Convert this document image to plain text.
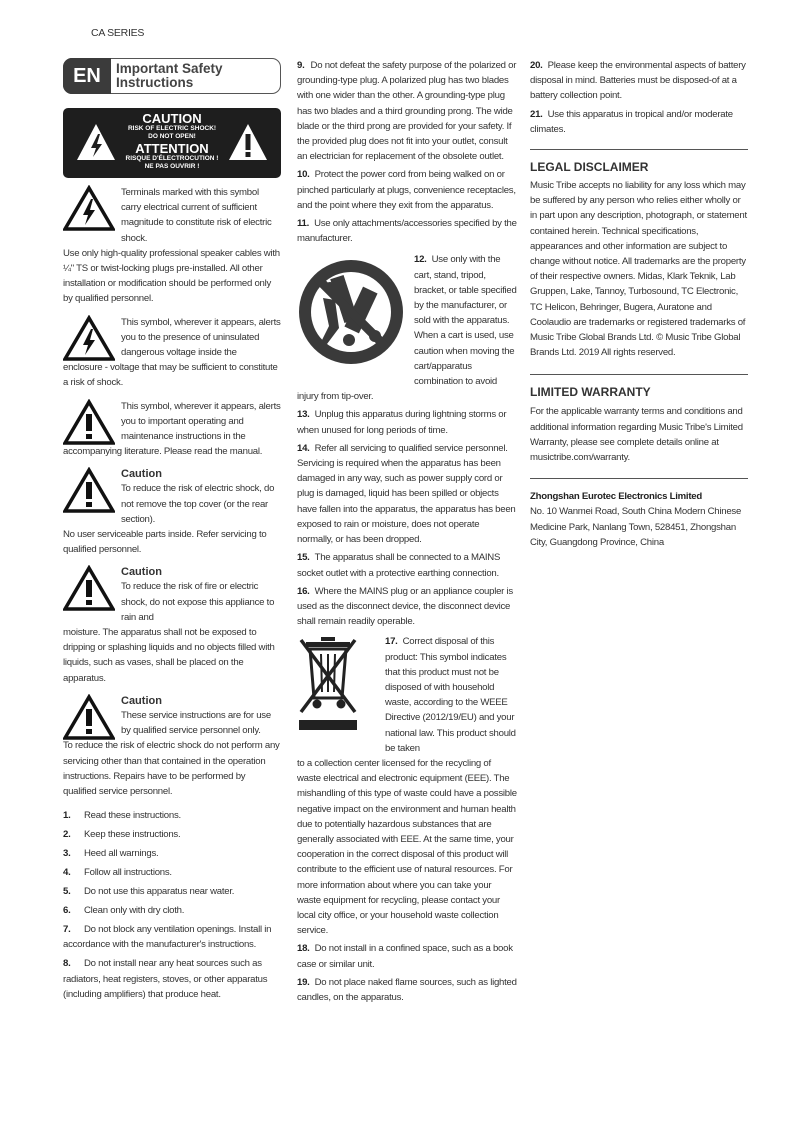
CA SERIES
EN	Important Safety
Instructions
CAUTION
RISK OF ELECTRIC SHOCK!
DO NOT OPEN!
ATTENTION
RISQUE D'ÉLECTROCUTION !
NE PAS OUVRIR !
Terminals marked with this symbol carry electrical current of sufficient magnitude to constitute risk of electric shock.
Use only high-quality professional speaker cables with ¼" TS or twist-locking plugs pre-installed. All other installation or modification should be performed only by qualified personnel.
This symbol, wherever it appears, alerts you to the presence of uninsulated dangerous voltage inside the
enclosure - voltage that may be sufficient to constitute a risk of shock.
This symbol, wherever it appears, alerts you to important operating and maintenance instructions in the
accompanying literature. Please read the manual.
Caution
To reduce the risk of electric shock, do not remove the top cover (or the rear section).
No user serviceable parts inside. Refer servicing to qualified personnel.
Caution
To reduce the risk of fire or electric shock, do not expose this appliance to rain and
moisture. The apparatus shall not be exposed to dripping or splashing liquids and no objects filled with liquids, such as vases, shall be placed on the apparatus.
Caution
These service instructions are for use by qualified service personnel only.
To reduce the risk of electric shock do not perform any servicing other than that contained in the operation instructions. Repairs have to be performed by qualified service personnel.
1. Read these instructions.
2. Keep these instructions.
3. Heed all warnings.
4. Follow all instructions.
5. Do not use this apparatus near water.
6. Clean only with dry cloth.
7. Do not block any ventilation openings. Install in accordance with the manufacturer's instructions.
8. Do not install near any heat sources such as radiators, heat registers, stoves, or other apparatus (including amplifiers) that produce heat.
9. Do not defeat the safety purpose of the polarized or grounding-type plug. A polarized plug has two blades with one wider than the other. A grounding-type plug has two blades and a third grounding prong. The wide blade or the third prong are provided for your safety. If the provided plug does not fit into your outlet, consult an electrician for replacement of the obsolete outlet.
10. Protect the power cord from being walked on or pinched particularly at plugs, convenience receptacles, and the point where they exit from the apparatus.
11. Use only attachments/accessories specified by the manufacturer.
12. Use only with the cart, stand, tripod, bracket, or table specified by the manufacturer, or sold with the apparatus. When a cart is used, use caution when moving the cart/apparatus combination to avoid
injury from tip-over.
13. Unplug this apparatus during lightning storms or when unused for long periods of time.
14. Refer all servicing to qualified service personnel. Servicing is required when the apparatus has been damaged in any way, such as power supply cord or plug is damaged, liquid has been spilled or objects have fallen into the apparatus, the apparatus has been exposed to rain or moisture, does not operate normally, or has been dropped.
15. The apparatus shall be connected to a MAINS socket outlet with a protective earthing connection.
16. Where the MAINS plug or an appliance coupler is used as the disconnect device, the disconnect device shall remain readily operable.
17. Correct disposal of this product: This symbol indicates that this product must not be disposed of with household waste, according to the WEEE Directive (2012/19/EU) and your national law. This product should be taken
to a collection center licensed for the recycling of waste electrical and electronic equipment (EEE). The mishandling of this type of waste could have a possible negative impact on the environment and human health due to potentially hazardous substances that are generally associated with EEE. At the same time, your cooperation in the correct disposal of this product will contribute to the efficient use of natural resources. For more information about where you can take your waste equipment for recycling, please contact your local city office, or your household waste collection service.
18. Do not install in a confined space, such as a book case or similar unit.
19. Do not place naked flame sources, such as lighted candles, on the apparatus.
20. Please keep the environmental aspects of battery disposal in mind. Batteries must be disposed-of at a battery collection point.
21. Use this apparatus in tropical and/or moderate climates.
LEGAL DISCLAIMER
Music Tribe accepts no liability for any loss which may be suffered by any person who relies either wholly or in part upon any description, photograph, or statement contained herein. Technical specifications, appearances and other information are subject to change without notice. All trademarks are the property of their respective owners. Midas, Klark Teknik, Lab Gruppen, Lake, Tannoy, Turbosound, TC Electronic, TC Helicon, Behringer, Bugera, Auratone and Coolaudio are trademarks or registered trademarks of Music Tribe Global Brands Ltd. © Music Tribe Global Brands Ltd. 2019 All rights reserved.
LIMITED WARRANTY
For the applicable warranty terms and conditions and additional information regarding Music Tribe's Limited Warranty, please see complete details online at musictribe.com/warranty.
Zhongshan Eurotec Electronics Limited
No. 10 Wanmei Road, South China Modern Chinese Medicine Park, Nanlang Town, 528451, Zhongshan City, Guangdong Province, China
